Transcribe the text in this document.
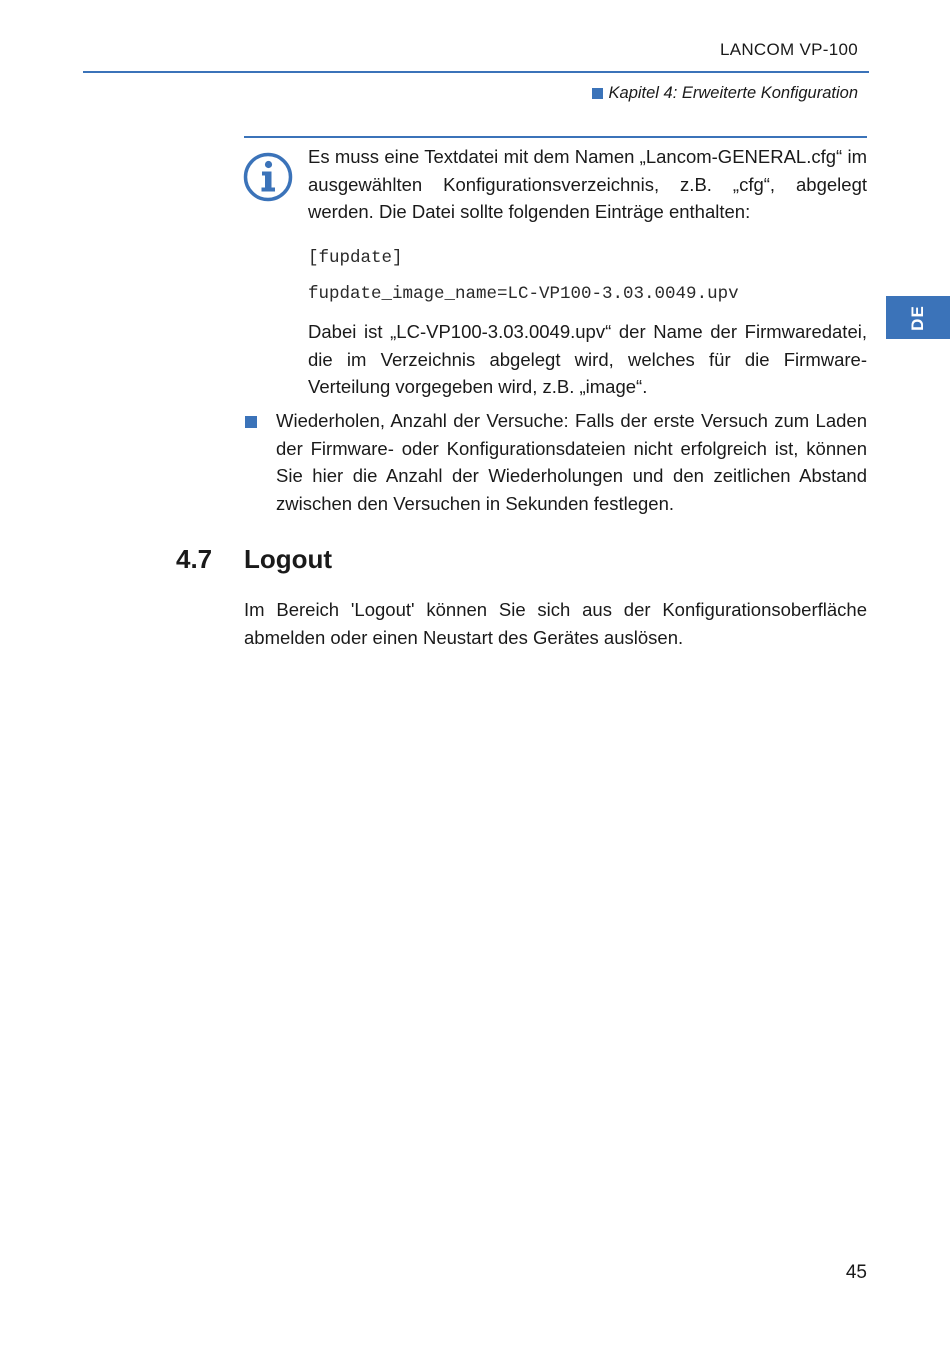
LANCOM VP-100
Kapitel 4: Erweiterte Konfiguration
DE
Es muss eine Textdatei mit dem Namen „Lancom-GENERAL.cfg“ im ausgewählten Konfigurationsverzeichnis, z.B. „cfg“, abgelegt werden. Die Datei sollte folgenden Einträge enthalten:
[fupdate]
fupdate_image_name=LC-VP100-3.03.0049.upv
Dabei ist „LC-VP100-3.03.0049.upv“ der Name der Firmwaredatei, die im Verzeichnis abgelegt wird, welches für die Firmware-Verteilung vorgegeben wird, z.B. „image“.
Wiederholen, Anzahl der Versuche: Falls der erste Versuch zum Laden der Firmware- oder Konfigurationsdateien nicht erfolgreich ist, können Sie hier die Anzahl der Wiederholungen und den zeitlichen Abstand zwischen den Versuchen in Sekunden festlegen.
4.7 Logout
Im Bereich 'Logout' können Sie sich aus der Konfigurationsoberfläche abmelden oder einen Neustart des Gerätes auslösen.
45
